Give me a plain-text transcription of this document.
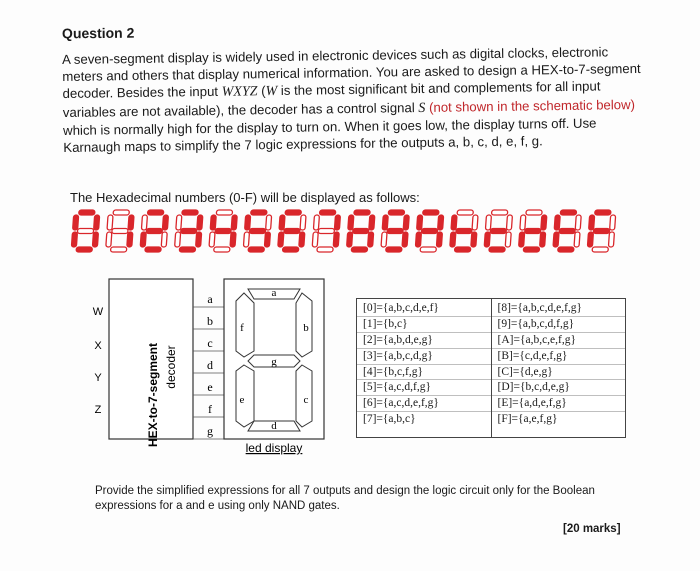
Question 2
A seven-segment display is widely used in electronic devices such as digital clocks, electronic meters and others that display numerical information. You are asked to design a HEX-to-7-segment decoder. Besides the input WXYZ (W is the most significant bit and complements for all input variables are not available), the decoder has a control signal S (not shown in the schematic below) which is normally high for the display to turn on. When it goes low, the display turns off. Use Karnaugh maps to simplify the 7 logic expressions for the outputs a, b, c, d, e, f, g.
The Hexadecimal numbers (0-F) will be displayed as follows:
HEX-to-7-segment decoder
W
X
Y
Z
a
b
c
d
e
f
g
a
b
c
d
e
f
g
led display
[0]={a,b,c,d,e,f}
[1]={b,c}
[2]={a,b,d,e,g}
[3]={a,b,c,d,g}
[4]={b,c,f,g}
[5]={a,c,d,f,g}
[6]={a,c,d,e,f,g}
[7]={a,b,c}
[8]={a,b,c,d,e,f,g}
[9]={a,b,c,d,f,g}
[A]={a,b,c,e,f,g}
[B]={c,d,e,f,g}
[C]={d,e,g}
[D]={b,c,d,e,g}
[E]={a,d,e,f,g}
[F]={a,e,f,g}
Provide the simplified expressions for all 7 outputs and design the logic circuit only for the Boolean expressions for a and e using only NAND gates.
[20 marks]
